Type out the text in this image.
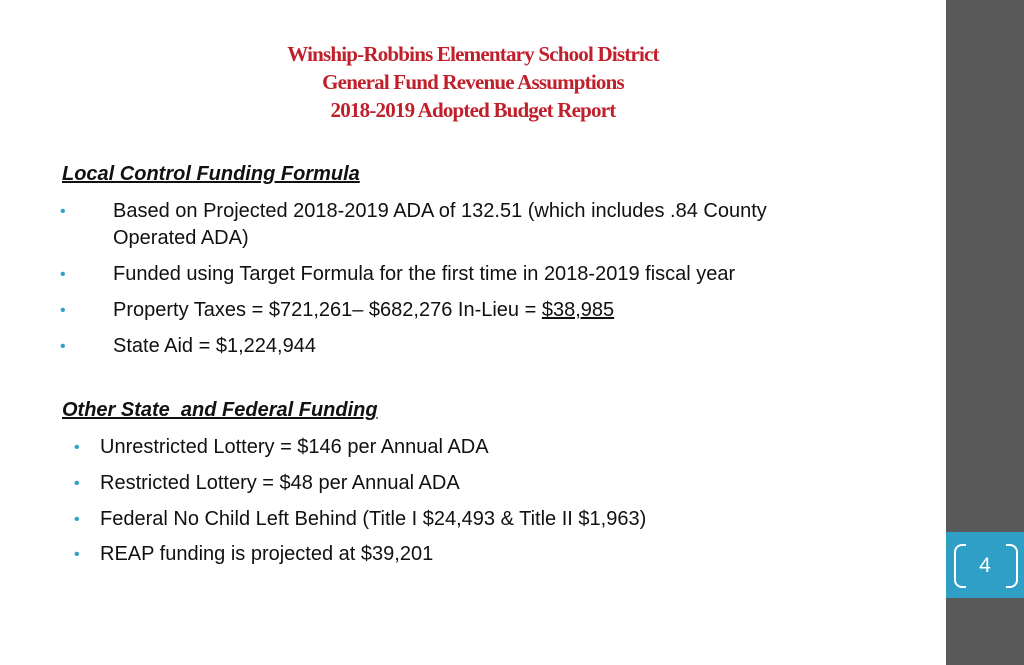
Winship-Robbins Elementary School District
General Fund Revenue Assumptions
2018-2019 Adopted Budget Report
Local Control Funding Formula
• Based on Projected 2018-2019 ADA of 132.51 (which includes .84 County
Operated ADA)
• Funded using Target Formula for the first time in 2018-2019 fiscal year
• Property Taxes = $721,261– $682,276 In-Lieu = $38,985
• State Aid = $1,224,944
Other State  and Federal Funding
• Unrestricted Lottery = $146 per Annual ADA
• Restricted Lottery = $48 per Annual ADA
• Federal No Child Left Behind (Title I $24,493 & Title II $1,963)
• REAP funding is projected at $39,201	4
